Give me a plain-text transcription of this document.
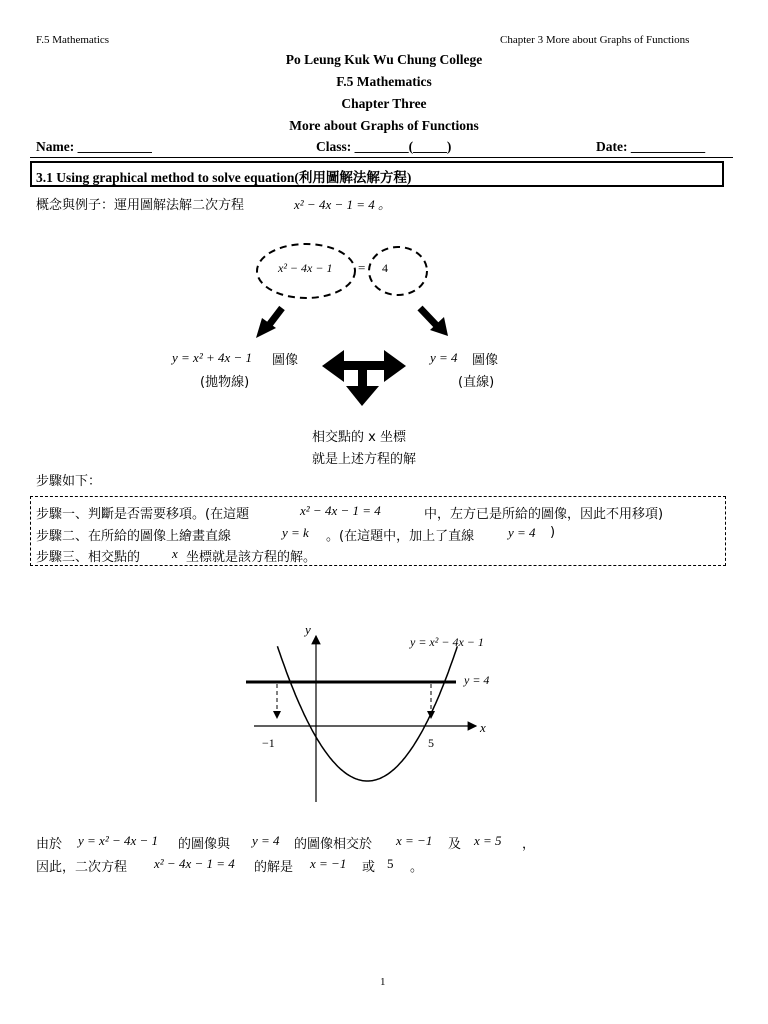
F.5 Mathematics	Chapter 3 More about Graphs of Functions
Po Leung Kuk Wu Chung College
F.5 Mathematics
Chapter Three
More about Graphs of Functions
Name: ___________	Class: ________(_____)	Date: ___________
3.1 Using graphical method to solve equation(利用圖解法解方程)
概念與例子：運用圖解法解二次方程	x² − 4x − 1 = 4 。
x² − 4x − 1 = 4
y = x² + 4x − 1 圖像
(拋物線)
y = 4 圖像
(直線)
相交點的 x 坐標
就是上述方程的解
步驟如下：
步驟一、判斷是否需要移項。(在這題	x² − 4x − 1 = 4	中，左方已是所給的圖像，因此不用移項)
步驟二、在所給的圖像上繪畫直線	y = k 。(在這題中，加上了直線	y = 4 )
步驟三、相交點的 x 坐標就是該方程的解。
y
x
y = x² − 4x − 1
y = 4
−1	5
由於 y = x² − 4x − 1 的圖像與 y = 4 的圖像相交於 x = −1 及 x = 5 ，
因此，二次方程 x² − 4x − 1 = 4 的解是 x = −1 或 5 。
1
